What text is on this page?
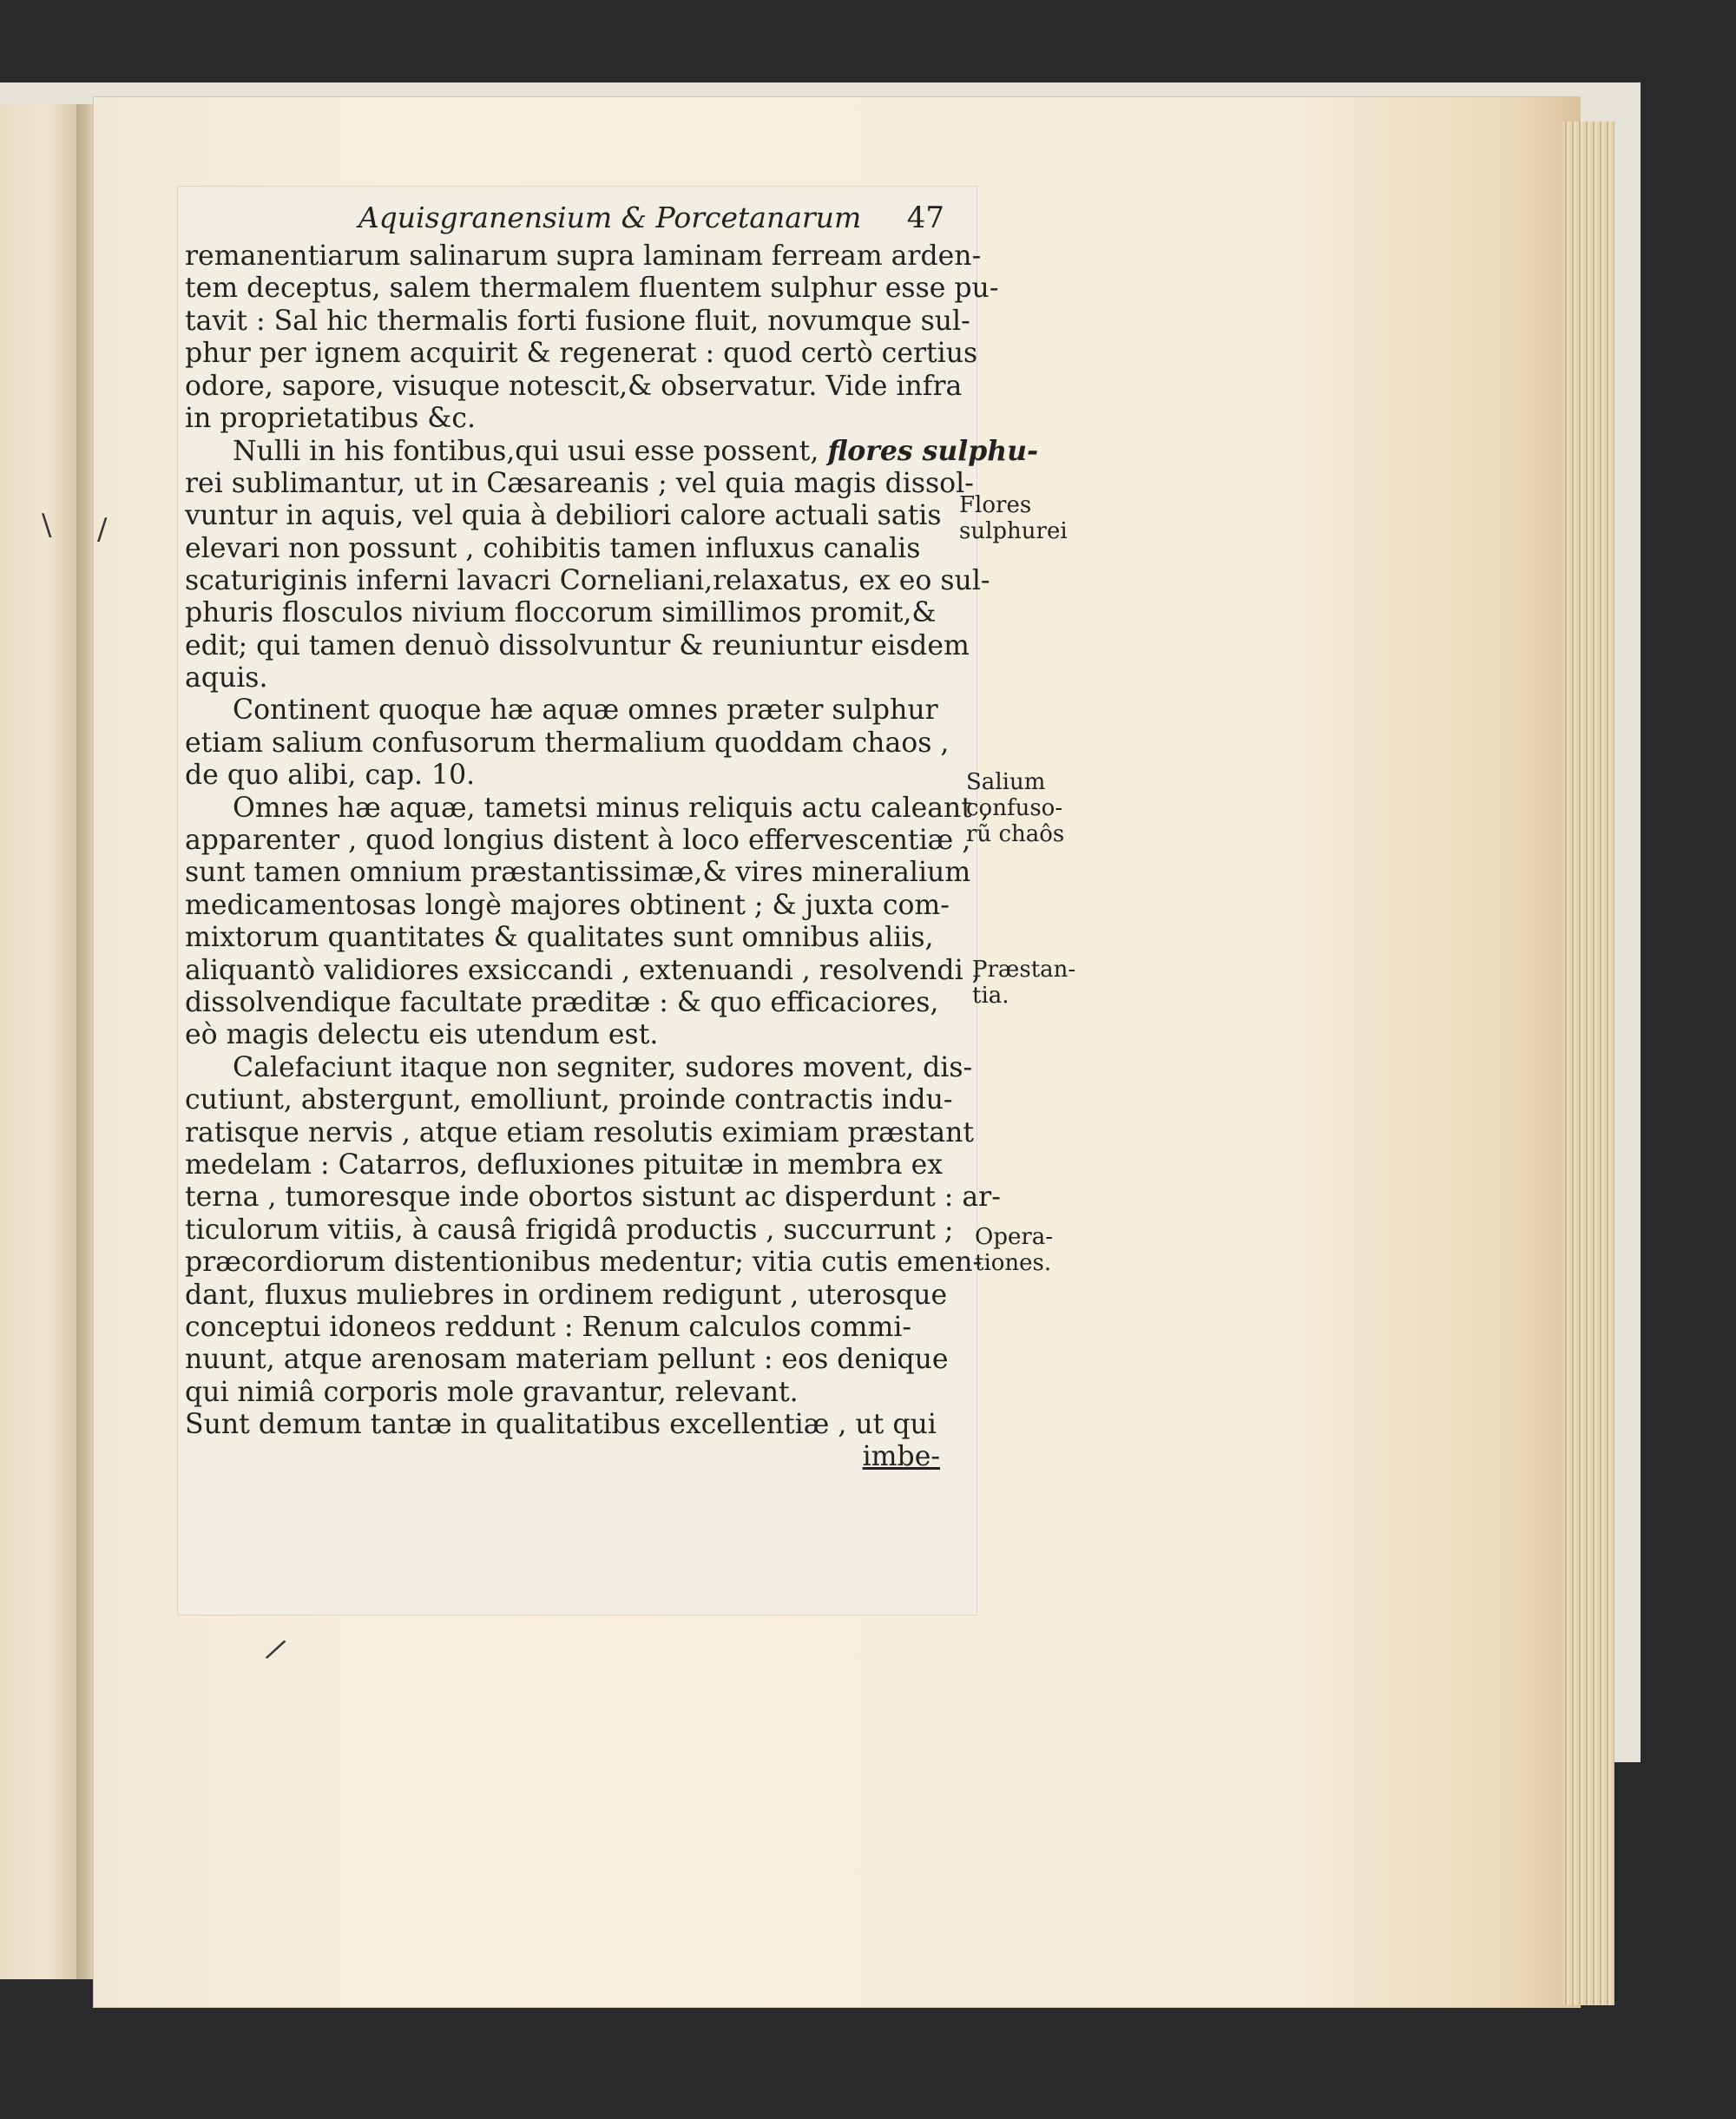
Aquisgranensium & Porcetanarum 47
remanentiarum salinarum supra laminam ferream arden-
tem deceptus, salem thermalem fluentem sulphur esse pu-
tavit : Sal hic thermalis forti fusione fluit, novumque sul-
phur per ignem acquirit & regenerat : quod certò certius
odore, sapore, visuque notescit,& observatur. Vide infra
in proprietatibus &c.
Nulli in his fontibus,qui usui esse possent, flores sulphu-
rei sublimantur, ut in Cæsareanis ; vel quia magis dissol-
vuntur in aquis, vel quia à debiliori calore actuali satis
elevari non possunt , cohibitis tamen influxus canalis
scaturiginis inferni lavacri Corneliani,relaxatus, ex eo sul-
phuris flosculos nivium floccorum simillimos promit,&
edit; qui tamen denuò dissolvuntur & reuniuntur eisdem
aquis.
Continent quoque hæ aquæ omnes præter sulphur
etiam salium confusorum thermalium quoddam chaos ,
de quo alibi, cap. 10.
Omnes hæ aquæ, tametsi minus reliquis actu caleant ,
apparenter , quod longius distent à loco effervescentiæ ,
sunt tamen omnium præstantissimæ,& vires mineralium
medicamentosas longè majores obtinent ; & juxta com-
mixtorum quantitates & qualitates sunt omnibus aliis,
aliquantò validiores exsiccandi , extenuandi , resolvendi ,
dissolvendique facultate præditæ : & quo efficaciores,
eò magis delectu eis utendum est.
Calefaciunt itaque non segniter, sudores movent, dis-
cutiunt, abstergunt, emolliunt, proinde contractis indu-
ratisque nervis , atque etiam resolutis eximiam præstant
medelam : Catarros, defluxiones pituitæ in membra ex
terna , tumoresque inde obortos sistunt ac disperdunt : ar-
ticulorum vitiis, à causâ frigidâ productis , succurrunt ;
præcordiorum distentionibus medentur; vitia cutis emen-
dant, fluxus muliebres in ordinem redigunt , uterosque
conceptui idoneos reddunt : Renum calculos commi-
nuunt, atque arenosam materiam pellunt : eos denique
qui nimiâ corporis mole gravantur, relevant.
Sunt demum tantæ in qualitatibus excellentiæ , ut qui
imbe-
Flores
sulphurei
Salium
confuso-
rũ chaôs
Præstan-
tia.
Opera-
tiones.
\ /
/
